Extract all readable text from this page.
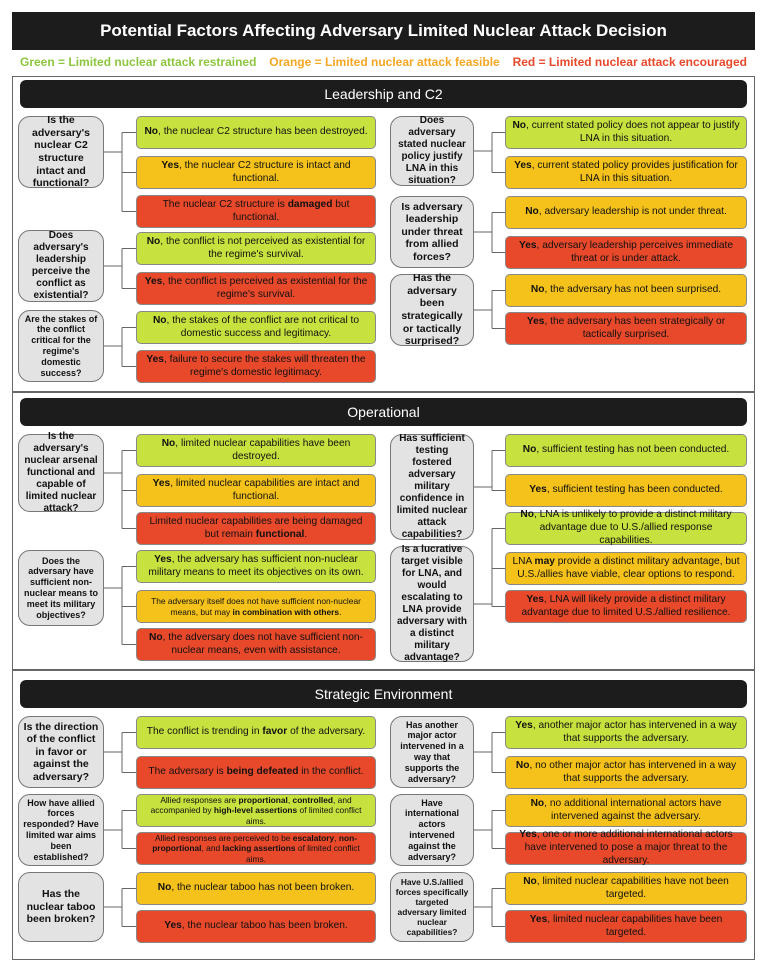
Potential Factors Affecting Adversary Limited Nuclear Attack Decision
Green = Limited nuclear attack restrained Orange = Limited nuclear attack feasible Red = Limited nuclear attack encouraged
Leadership and C2
Operational
Strategic Environment
Is the adversary's nuclear C2 structure intact and functional?
Does adversary's leadership perceive the conflict as existential?
Are the stakes of the conflict critical for the regime's domestic success?
Does adversary stated nuclear policy justify LNA in this situation?
Is adversary leadership under threat from allied forces?
Has the adversary been strategically or tactically surprised?
Is the adversary's nuclear arsenal functional and capable of limited nuclear attack?
Does the adversary have sufficient non-nuclear means to meet its military objectives?
Has sufficient testing fostered adversary military confidence in limited nuclear attack capabilities?
Is a lucrative target visible for LNA, and would escalating to LNA provide adversary with a distinct military advantage?
Is the direction of the conflict in favor or against the adversary?
How have allied forces responded? Have limited war aims been established?
Has the nuclear taboo been broken?
Has another major actor intervened in a way that supports the adversary?
Have international actors intervened against the adversary?
Have U.S./allied forces specifically targeted adversary limited nuclear capabilities?
No, the nuclear C2 structure has been destroyed.
Yes, the nuclear C2 structure is intact and functional.
The nuclear C2 structure is damaged but functional.
No, the conflict is not perceived as existential for the regime's survival.
Yes, the conflict is perceived as existential for the regime's survival.
No, the stakes of the conflict are not critical to domestic success and legitimacy.
Yes, failure to secure the stakes will threaten the regime's domestic legitimacy.
No, current stated policy does not appear to justify LNA in this situation.
Yes, current stated policy provides justification for LNA in this situation.
No, adversary leadership is not under threat.
Yes, adversary leadership perceives immediate threat or is under attack.
No, the adversary has not been surprised.
Yes, the adversary has been strategically or tactically surprised.
No, limited nuclear capabilities have been destroyed.
Yes, limited nuclear capabilities are intact and functional.
Limited nuclear capabilities are being damaged but remain functional.
Yes, the adversary has sufficient non-nuclear military means to meet its objectives on its own.
The adversary itself does not have sufficient non-nuclear means, but may in combination with others.
No, the adversary does not have sufficient non-nuclear means, even with assistance.
No, sufficient testing has not been conducted.
Yes, sufficient testing has been conducted.
No, LNA is unlikely to provide a distinct military advantage due to U.S./allied response capabilities.
LNA may provide a distinct military advantage, but U.S./allies have viable, clear options to respond.
Yes, LNA will likely provide a distinct military advantage due to limited U.S./allied resilience.
The conflict is trending in favor of the adversary.
The adversary is being defeated in the conflict.
Allied responses are proportional, controlled, and accompanied by high-level assertions of limited conflict aims.
Allied responses are perceived to be escalatory, non-proportional, and lacking assertions of limited conflict aims.
No, the nuclear taboo has not been broken.
Yes, the nuclear taboo has been broken.
Yes, another major actor has intervened in a way that supports the adversary.
No, no other major actor has intervened in a way that supports the adversary.
No, no additional international actors have intervened against the adversary.
Yes, one or more additional international actors have intervened to pose a major threat to the adversary.
No, limited nuclear capabilities have not been targeted.
Yes, limited nuclear capabilities have been targeted.
